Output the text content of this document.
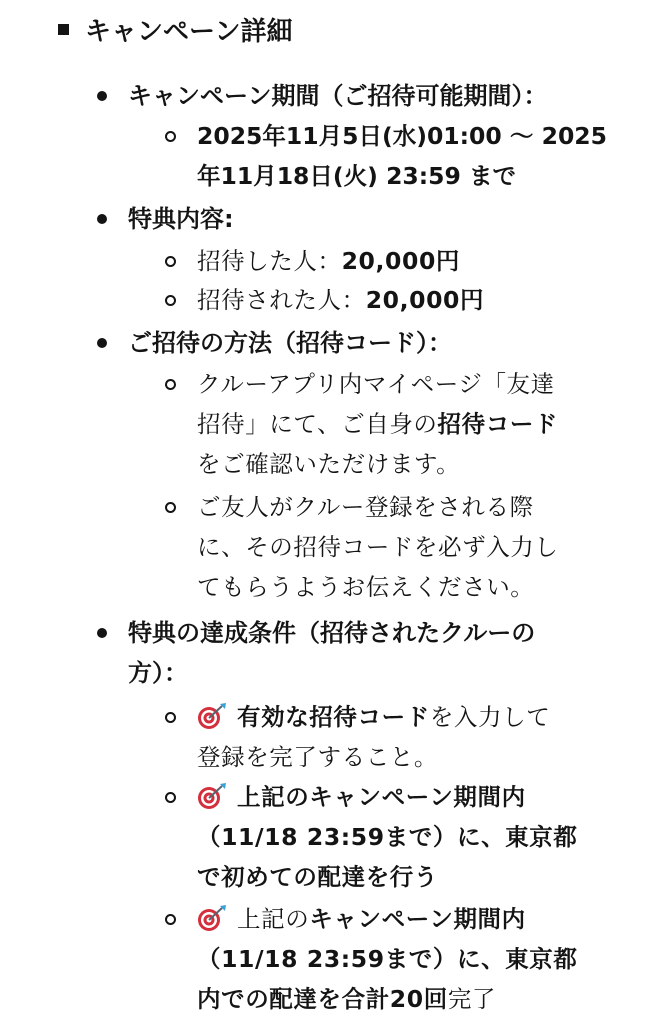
キャンペーン詳細
キャンペーン期間（ご招待可能期間）：
2025年11月5日(水)01:00 〜 2025
年11月18日(火) 23:59 まで
特典内容:
招待した人：20,000円
招待された人：20,000円
ご招待の方法（招待コード）：
クルーアプリ内マイページ「友達
招待」にて、ご自身の招待コード
をご確認いただけます。
ご友人がクルー登録をされる際
に、その招待コードを必ず入力し
てもらうようお伝えください。
特典の達成条件（招待されたクルーの
方）：
有効な招待コードを入力して
登録を完了すること。
上記のキャンペーン期間内
（11/18 23:59まで）に、東京都
で初めての配達を行う
上記のキャンペーン期間内
（11/18 23:59まで）に、東京都
内での配達を合計20回完了
